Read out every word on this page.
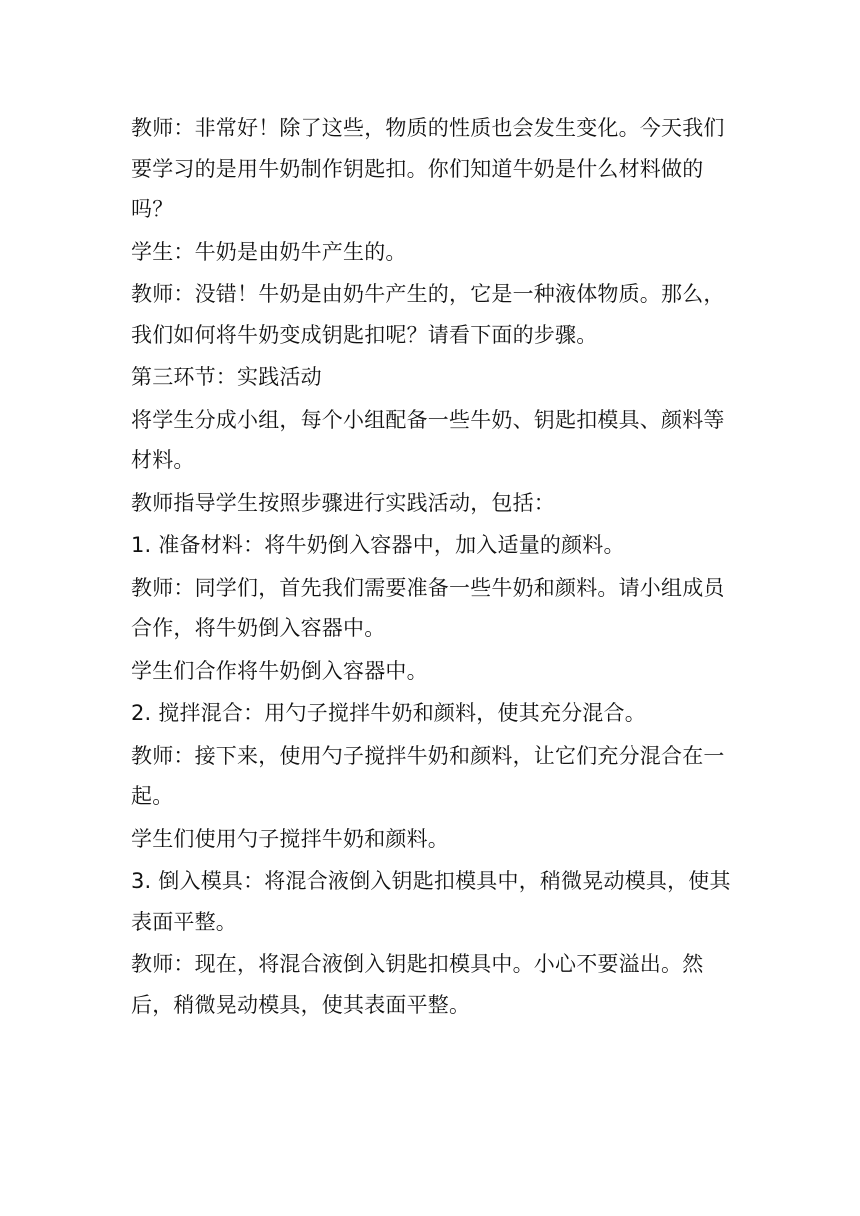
教师：非常好！除了这些，物质的性质也会发生变化。今天我们要学习的是用牛奶制作钥匙扣。你们知道牛奶是什么材料做的吗？

学生：牛奶是由奶牛产生的。

教师：没错！牛奶是由奶牛产生的，它是一种液体物质。那么，我们如何将牛奶变成钥匙扣呢？请看下面的步骤。

第三环节：实践活动

将学生分成小组，每个小组配备一些牛奶、钥匙扣模具、颜料等材料。

教师指导学生按照步骤进行实践活动，包括：

1. 准备材料：将牛奶倒入容器中，加入适量的颜料。

教师：同学们，首先我们需要准备一些牛奶和颜料。请小组成员合作，将牛奶倒入容器中。

学生们合作将牛奶倒入容器中。

2. 搅拌混合：用勺子搅拌牛奶和颜料，使其充分混合。

教师：接下来，使用勺子搅拌牛奶和颜料，让它们充分混合在一起。

学生们使用勺子搅拌牛奶和颜料。

3. 倒入模具：将混合液倒入钥匙扣模具中，稍微晃动模具，使其表面平整。

教师：现在，将混合液倒入钥匙扣模具中。小心不要溢出。然后，稍微晃动模具，使其表面平整。
